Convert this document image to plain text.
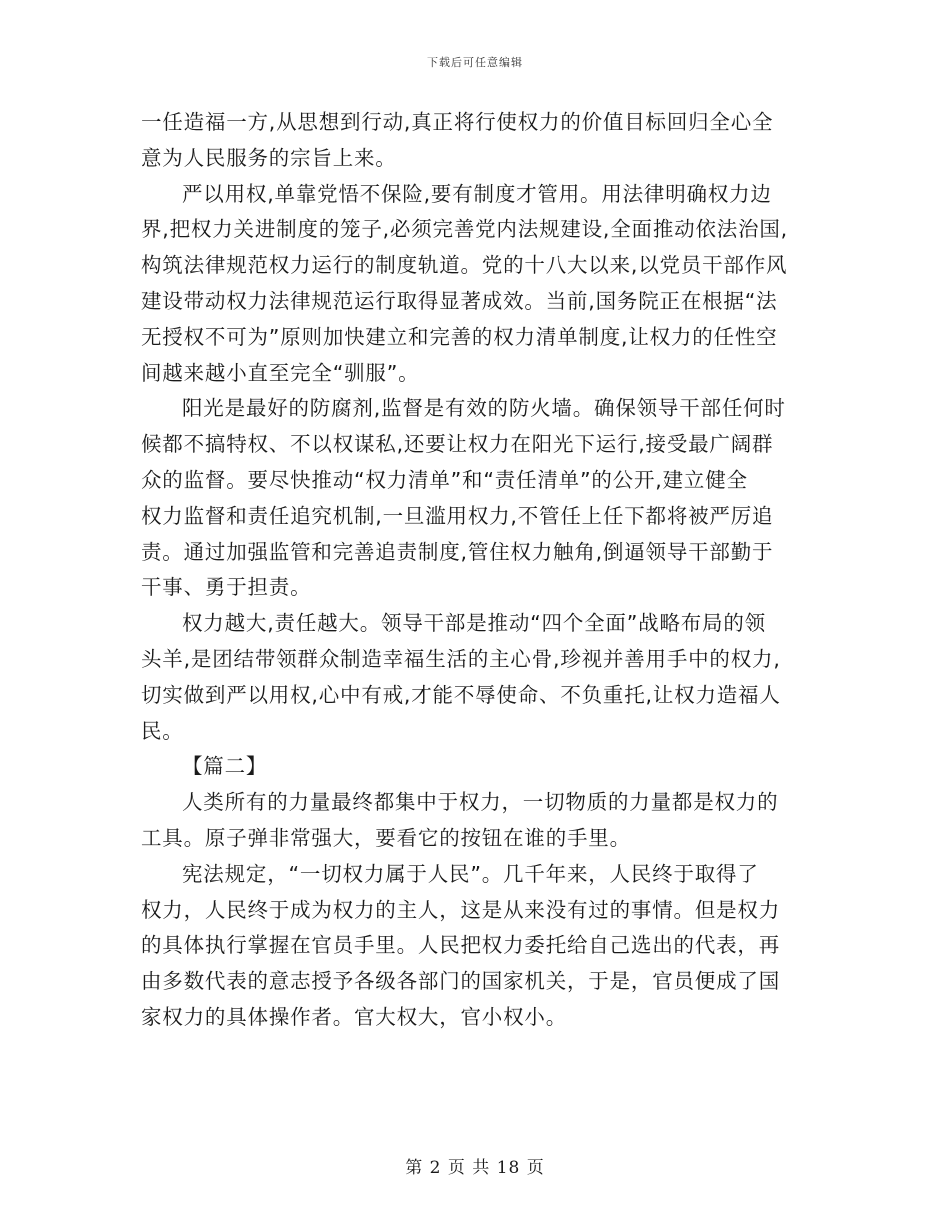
下载后可任意编辑
一任造福一方,从思想到行动,真正将行使权力的价值目标回归全心全
意为人民服务的宗旨上来。
严以用权,单靠党悟不保险,要有制度才管用。用法律明确权力边
界,把权力关进制度的笼子,必须完善党内法规建设,全面推动依法治国,
构筑法律规范权力运行的制度轨道。党的十八大以来,以党员干部作风
建设带动权力法律规范运行取得显著成效。当前,国务院正在根据“法
无授权不可为”原则加快建立和完善的权力清单制度,让权力的任性空
间越来越小直至完全“驯服”。
阳光是最好的防腐剂,监督是有效的防火墙。确保领导干部任何时
候都不搞特权、不以权谋私,还要让权力在阳光下运行,接受最广阔群
众的监督。要尽快推动“权力清单”和“责任清单”的公开,建立健全
权力监督和责任追究机制,一旦滥用权力,不管任上任下都将被严厉追
责。通过加强监管和完善追责制度,管住权力触角,倒逼领导干部勤于
干事、勇于担责。
权力越大,责任越大。领导干部是推动“四个全面”战略布局的领
头羊,是团结带领群众制造幸福生活的主心骨,珍视并善用手中的权力,
切实做到严以用权,心中有戒,才能不辱使命、不负重托,让权力造福人
民。
【篇二】
人类所有的力量最终都集中于权力，一切物质的力量都是权力的
工具。原子弹非常强大，要看它的按钮在谁的手里。
宪法规定，“一切权力属于人民”。几千年来，人民终于取得了
权力，人民终于成为权力的主人，这是从来没有过的事情。但是权力
的具体执行掌握在官员手里。人民把权力委托给自己选出的代表，再
由多数代表的意志授予各级各部门的国家机关，于是，官员便成了国
家权力的具体操作者。官大权大，官小权小。
第 2 页 共 18 页
